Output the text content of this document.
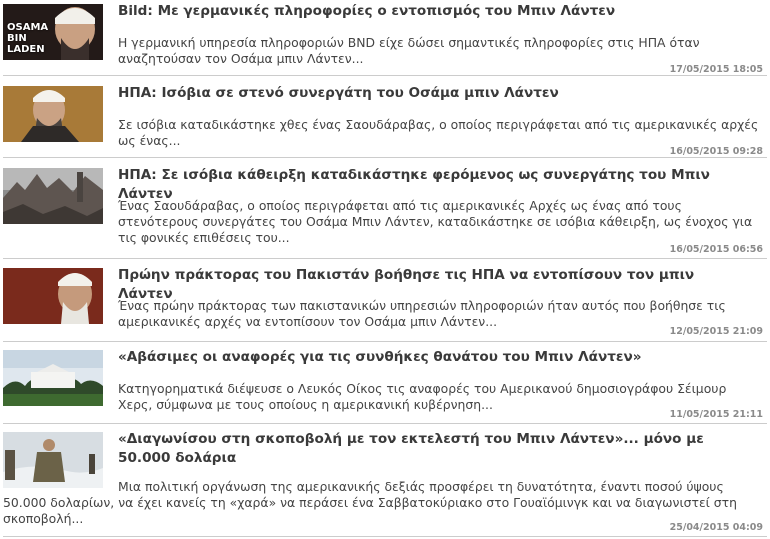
OSAMA BIN LADEN
Bild: Με γερμανικές πληροφορίες ο εντοπισμός του Μπιν Λάντεν

Η γερμανική υπηρεσία πληροφοριών BND είχε δώσει σημαντικές πληροφορίες στις ΗΠΑ όταν αναζητούσαν τον Οσάμα μπιν Λάντεν...

17/05/2015 18:05
ΗΠΑ: Ισόβια σε στενό συνεργάτη του Οσάμα μπιν Λάντεν

Σε ισόβια καταδικάστηκε χθες ένας Σαουδάραβας, ο οποίος περιγράφεται από τις αμερικανικές αρχές ως ένας...

16/05/2015 09:28
ΗΠΑ: Σε ισόβια κάθειρξη καταδικάστηκε φερόμενος ως συνεργάτης του Μπιν Λάντεν

Ένας Σαουδάραβας, ο οποίος περιγράφεται από τις αμερικανικές Αρχές ως ένας από τους στενότερους συνεργάτες του Οσάμα Μπιν Λάντεν, καταδικάστηκε σε ισόβια κάθειρξη, ως ένοχος για τις φονικές επιθέσεις του...

16/05/2015 06:56
Πρώην πράκτορας του Πακιστάν βοήθησε τις ΗΠΑ να εντοπίσουν τον μπιν Λάντεν

Ένας πρώην πράκτορας των πακιστανικών υπηρεσιών πληροφοριών ήταν αυτός που βοήθησε τις αμερικανικές αρχές να εντοπίσουν τον Οσάμα μπιν Λάντεν...

12/05/2015 21:09
«Αβάσιμες οι αναφορές για τις συνθήκες θανάτου του Μπιν Λάντεν»

Κατηγορηματικά διέψευσε ο Λευκός Οίκος τις αναφορές του Αμερικανού δημοσιογράφου Σέιμουρ Χερς, σύμφωνα με τους οποίους η αμερικανική κυβέρνηση...

11/05/2015 21:11
«Διαγωνίσου στη σκοποβολή με τον εκτελεστή του Μπιν Λάντεν»... μόνο με 50.000 δολάρια

Μια πολιτική οργάνωση της αμερικανικής δεξιάς προσφέρει τη δυνατότητα, έναντι ποσού ύψους 50.000 δολαρίων, να έχει κανείς τη «χαρά» να περάσει ένα Σαββατοκύριακο στο Γουαϊόμινγκ και να διαγωνιστεί στη σκοποβολή...

25/04/2015 04:09
